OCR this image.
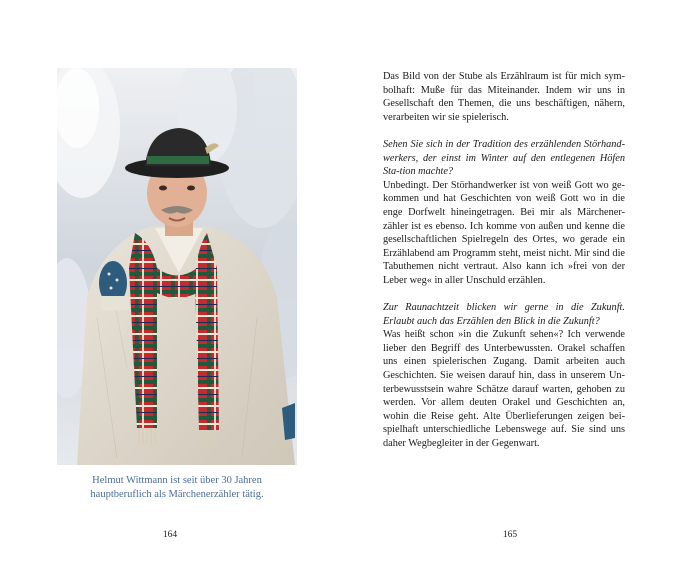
Helmut Wittmann ist seit über 30 Jahren
hauptberuflich als Märchenerzähler tätig.
164

Das Bild von der Stube als Erzählraum ist für mich sym-bolhaft: Muße für das Miteinander. Indem wir uns in Gesellschaft den Themen, die uns beschäftigen, nähern, verarbeiten wir sie spielerisch.

Sehen Sie sich in der Tradition des erzählenden Störhand-werkers, der einst im Winter auf den entlegenen Höfen Sta-tion machte?

Unbedingt. Der Störhandwerker ist von weiß Gott wo ge-kommen und hat Geschichten von weiß Gott wo in die enge Dorfwelt hineingetragen. Bei mir als Märchener-zähler ist es ebenso. Ich komme von außen und kenne die gesellschaftlichen Spielregeln des Ortes, wo gerade ein Erzählabend am Programm steht, meist nicht. Mir sind die Tabuthemen nicht vertraut. Also kann ich »frei von der Leber weg« in aller Unschuld erzählen.

Zur Raunachtzeit blicken wir gerne in die Zukunft. Erlaubt auch das Erzählen den Blick in die Zukunft?

Was heißt schon »in die Zukunft sehen«? Ich verwende lieber den Begriff des Unterbewussten. Orakel schaffen uns einen spielerischen Zugang. Damit arbeiten auch Geschichten. Sie weisen darauf hin, dass in unserem Un-terbewusstsein wahre Schätze darauf warten, gehoben zu werden. Vor allem deuten Orakel und Geschichten an, wohin die Reise geht. Alte Überlieferungen zeigen bei-spielhaft unterschiedliche Lebenswege auf. Sie sind uns daher Wegbegleiter in der Gegenwart.

165
